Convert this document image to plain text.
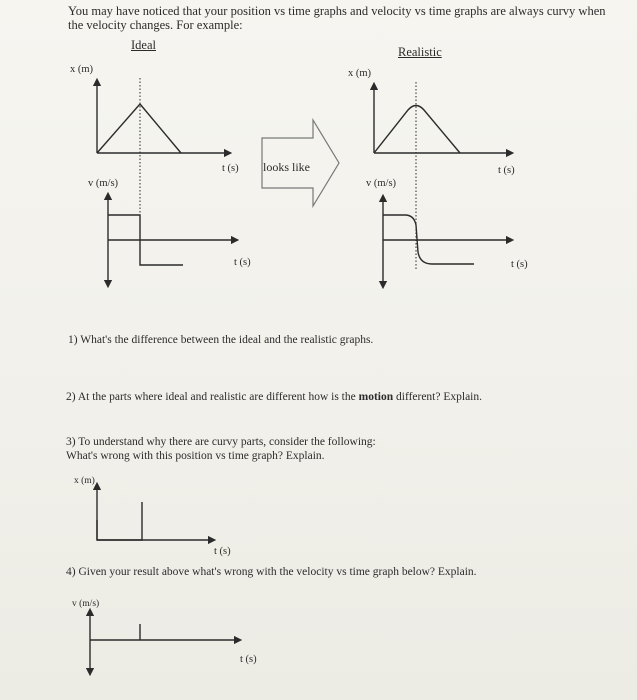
You may have noticed that your position vs time graphs and velocity vs time graphs are always curvy when the velocity changes. For example:
Ideal	Realistic
x (m)
t (s)
v (m/s)
t (s)
x (m)
t (s)
v (m/s)
t (s)
looks like
1) What's the difference between the ideal and the realistic graphs.
2) At the parts where ideal and realistic are different how is the motion different? Explain.
3) To understand why there are curvy parts, consider the following:
What's wrong with this position vs time graph? Explain.
x (m)
t (s)
4) Given your result above what's wrong with the velocity vs time graph below? Explain.
v (m/s)
t (s)
